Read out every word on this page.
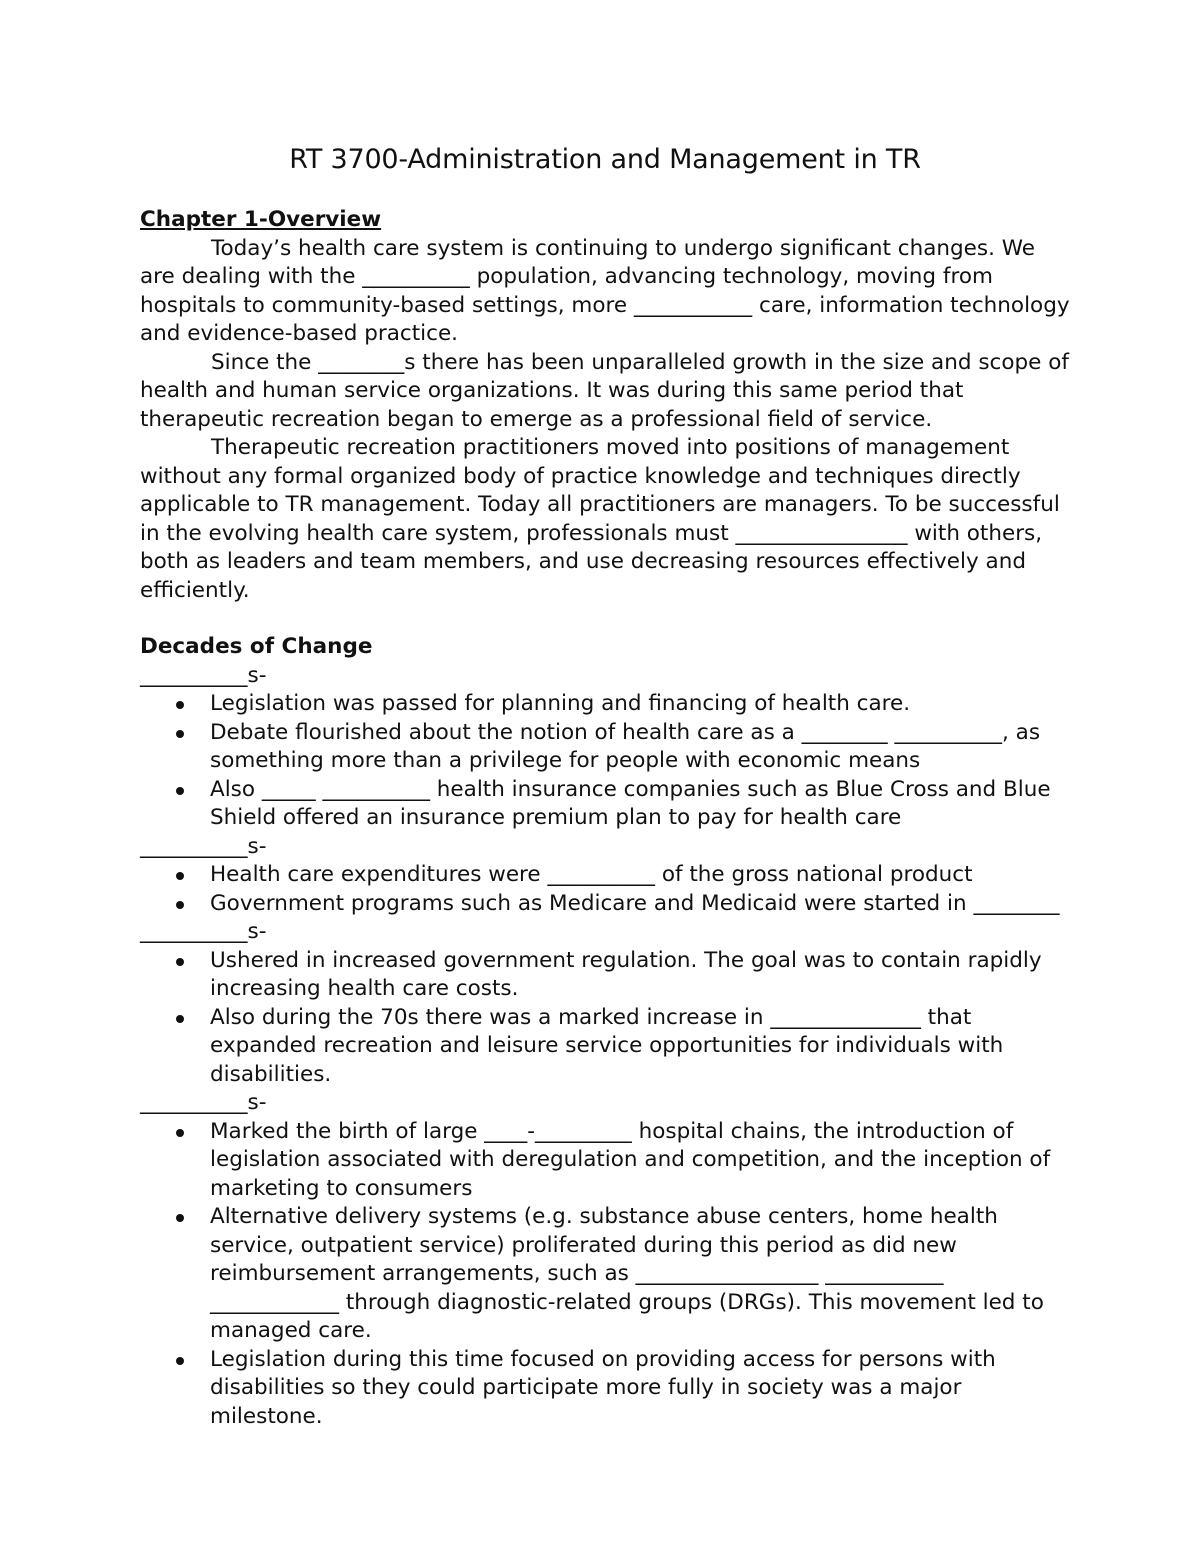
RT 3700-Administration and Management in TR

Chapter 1-Overview

Today’s health care system is continuing to undergo significant changes. We are dealing with the __________ population, advancing technology, moving from hospitals to community-based settings, more ___________ care, information technology and evidence-based practice.

Since the ________s there has been unparalleled growth in the size and scope of health and human service organizations. It was during this same period that therapeutic recreation began to emerge as a professional field of service.

Therapeutic recreation practitioners moved into positions of management without any formal organized body of practice knowledge and techniques directly applicable to TR management. Today all practitioners are managers. To be successful in the evolving health care system, professionals must ________________ with others, both as leaders and team members, and use decreasing resources effectively and efficiently.

Decades of Change

__________s-

Legislation was passed for planning and financing of health care.
Debate flourished about the notion of health care as a ________ __________, as something more than a privilege for people with economic means
Also _____ __________ health insurance companies such as Blue Cross and Blue Shield offered an insurance premium plan to pay for health care

__________s-

Health care expenditures were __________ of the gross national product
Government programs such as Medicare and Medicaid were started in ________

__________s-

Ushered in increased government regulation. The goal was to contain rapidly increasing health care costs.
Also during the 70s there was a marked increase in ______________ that expanded recreation and leisure service opportunities for individuals with disabilities.

__________s-

Marked the birth of large ____-_________ hospital chains, the introduction of legislation associated with deregulation and competition, and the inception of marketing to consumers
Alternative delivery systems (e.g. substance abuse centers, home health service, outpatient service) proliferated during this period as did new reimbursement arrangements, such as _________________ ___________ ____________ through diagnostic-related groups (DRGs). This movement led to managed care.
Legislation during this time focused on providing access for persons with disabilities so they could participate more fully in society was a major milestone.
